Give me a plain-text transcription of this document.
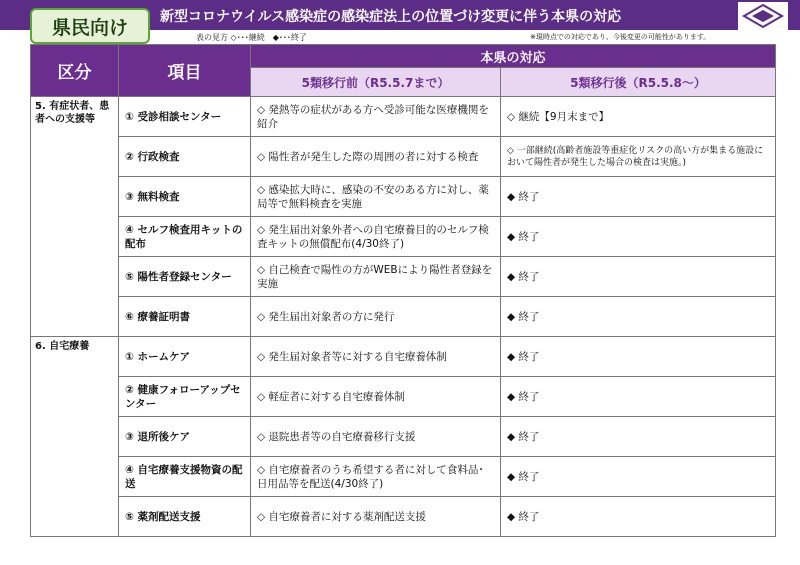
新型コロナウイルス感染症の感染症法上の位置づけ変更に伴う本県の対応
県民向け	表の見方 ◇･･･継続　◆･･･終了	※現時点での対応であり、今後変更の可能性があります。
区分	項目	本県の対応	
		5類移行前（R5.5.7まで）	5類移行後（R5.5.8～）
5. 有症状者、患者への支援等	① 受診相談センター	◇ 発熱等の症状がある方へ受診可能な医療機関を紹介	◇ 継続【9月末まで】
	② 行政検査	◇ 陽性者が発生した際の周囲の者に対する検査	◇ 一部継続(高齢者施設等重症化リスクの高い方が集まる施設において陽性者が発生した場合の検査は実施。)
	③ 無料検査	◇ 感染拡大時に、感染の不安のある方に対し、薬局等で無料検査を実施	◆ 終了
	④ セルフ検査用キットの配布	◇ 発生届出対象外者への自宅療養目的のセルフ検査キットの無償配布(4/30終了)	◆ 終了
	⑤ 陽性者登録センター	◇ 自己検査で陽性の方がWEBにより陽性者登録を実施	◆ 終了
	⑥ 療養証明書	◇ 発生届出対象者の方に発行	◆ 終了
6. 自宅療養	① ホームケア	◇ 発生届対象者等に対する自宅療養体制	◆ 終了
	② 健康フォローアップセンター	◇ 軽症者に対する自宅療養体制	◆ 終了
	③ 退所後ケア	◇ 退院患者等の自宅療養移行支援	◆ 終了
	④ 自宅療養支援物資の配送	◇ 自宅療養者のうち希望する者に対して食料品･日用品等を配送(4/30終了)	◆ 終了
	⑤ 薬剤配送支援	◇ 自宅療養者に対する薬剤配送支援	◆ 終了
